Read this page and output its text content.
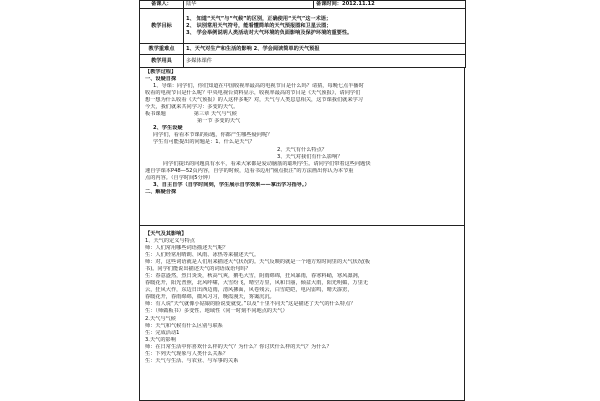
备课人：	陆华	备课时间：2012.11.12
教学目标	1、 知道“天气”与“气候”的区别，正确使用“天气”这一术语；
2、 识别常用天气符号，能看懂简单的天气预报图和卫星云图；
3、 学会举例说明人类活动对大气环境的负面影响及保护环境的重要性。	

教学重难点	1、天气对生产和生活的影响 2、学会阅读简单的天气预报	
教学用具	多媒体课件	

【教学过程】

一、设疑自探

1、导课：同学们，你们知道在中国收视率最高的电视节目是什么吗？请猜，每晚七点半播时

收看的电视节目是什么呢？中央电视台资料显示，收视率最高的节目是《天气预报》，请同学们

想一想为什么收看《天气预报》的人这样多呢？对，天气与人类息息相关，这节课我们就来学习

今天，我们就来共同学习：多变的天气。

板书课题	第三章 天气与气候

第一节 多变的天气

2、学生设疑

同学们，看看本节课的标题，你都产生哪些疑问呢？

学生有可能提出的问题是：1、什么是天气？

2、天气有什么特点？

3、天气对我们有什么影响？

同学们提出的问题真有水平，看来大家都是爱动脑筋的聪明学生。请同学们带着这些问题快

速自学课本P48—52页内容，自学的时候，边看书边用“圈点批注”的方法画出你认为本节重

点的内容。（自学时间5分钟）

3、自主自学（自学时间到，学生展示自学效果——掌出学习指导。）

二、解疑合探

【天气及其影响】

1、天气的定义与特点

师：人们常用哪些词语描述天气呢？

生：人们经常用晴朗、风雨、冰热等来描述天气。

师：对，这些词语就是人们用来描述大气状况的。天气反映的就是一个地方短时间里的大气状况(板

书)。同学们能说出描述天气的词语成语句吗？

生：春意盎然，烈日炎炎，秋高气爽，鹅毛大雪，阴雨绵绵，狂风暴雨，春寒料峭，寒风凛冽，

春暖花开，阳光普照，北风呼啸，大雪纷飞，晴空万里，风和日丽，倾盆大雨，阳光明媚，万里无

云，狂风大作，东边日出西边雨，清风拂面，风卷残云，白雪皑皑，电闪雷鸣，晴天霹雳，

春暖花开，春雨绵绵，微风习习，晚霞漫天，雾霭沉沉。

师：有人说“天气就像小姑娘的脸说变就变。”以及“十里不同天”这是描述了天气的什么特点？

生：（师做板书）多变性、地域性（同一时刻不同地点的天气）

2.天气与气候

师：天气和气候有什么区别与联系

生：完成活动1

3.天气的影响

师：在日常生活中你喜欢什么样的天气？为什么？你讨厌什么样的天气？为什么？

生：下列天气现象与人类什么关系？

生：天气与生活、与农业、与军事的关系
